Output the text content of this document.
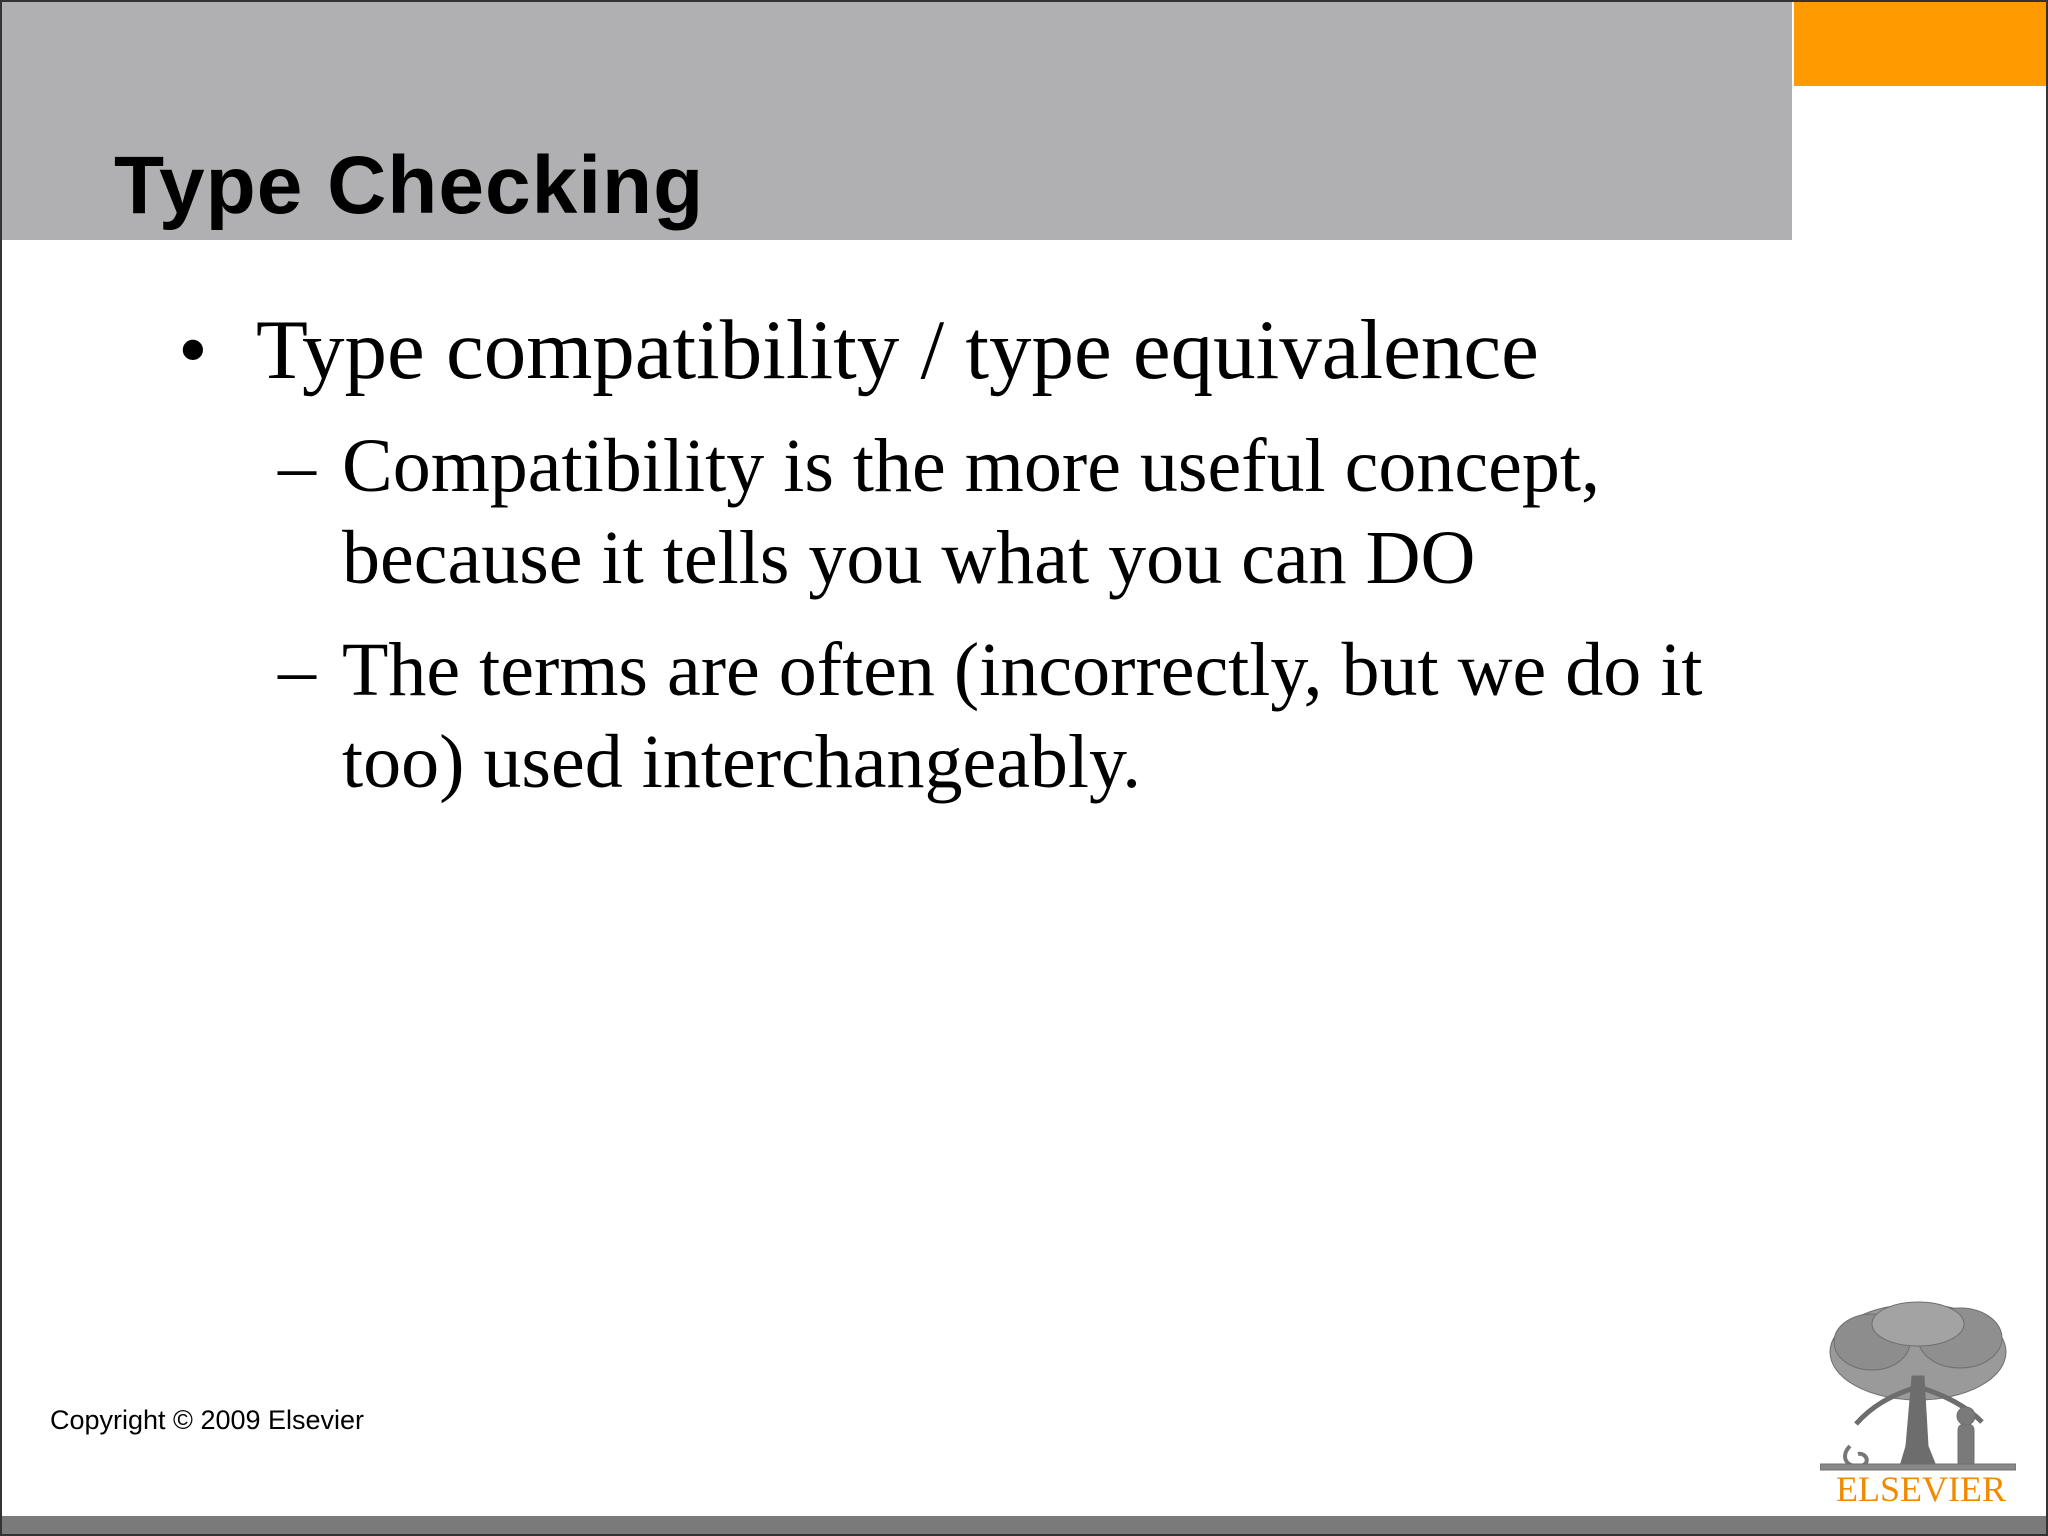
Type Checking
• Type compatibility / type equivalence
– Compatibility is the more useful concept, because it tells you what you can DO
– The terms are often (incorrectly, but we do it too) used interchangeably.
Copyright © 2009 Elsevier
ELSEVIER
